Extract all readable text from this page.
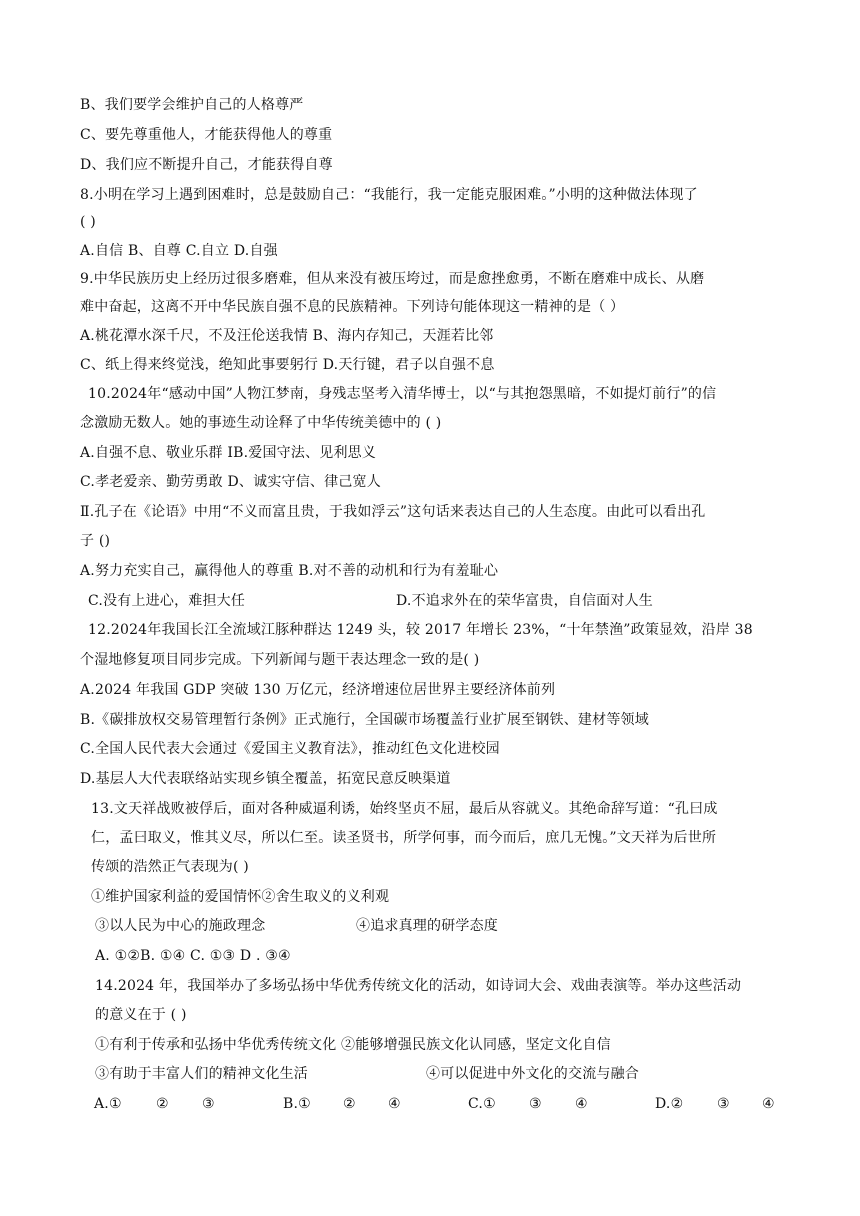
B、我们要学会维护自己的人格尊严
C、要先尊重他人，才能获得他人的尊重
D、我们应不断提升自己，才能获得自尊
8.小明在学习上遇到困难时，总是鼓励自己：“我能行，我一定能克服困难。”小明的这种做法体现了
( )
A.自信 B、自尊 C.自立 D.自强
9.中华民族历史上经历过很多磨难，但从来没有被压垮过，而是愈挫愈勇，不断在磨难中成长、从磨
难中奋起，这离不开中华民族自强不息的民族精神。下列诗句能体现这一精神的是（ ）
A.桃花潭水深千尺，不及汪伦送我情 B、海内存知己，天涯若比邻
C、纸上得来终觉浅，绝知此事要躬行 D.天行键，君子以自强不息
10.2024年“感动中国”人物江梦南，身残志坚考入清华博士，以“与其抱怨黑暗，不如提灯前行”的信
念激励无数人。她的事迹生动诠释了中华传统美德中的 ( )
A.自强不息、敬业乐群 IB.爱国守法、见利思义
C.孝老爱亲、勤劳勇敢 D、诚实守信、律己宽人
Ⅱ.孔子在《论语》中用“不义而富且贵，于我如浮云”这句话来表达自己的人生态度。由此可以看出孔
子 ()
A.努力充实自己，赢得他人的尊重 B.对不善的动机和行为有羞耻心
C.没有上进心，难担大任	D.不追求外在的荣华富贵，自信面对人生
12.2024年我国长江全流域江豚种群达 1249 头，较 2017 年增长 23%，“十年禁渔”政策显效，沿岸 38
个湿地修复项目同步完成。下列新闻与题干表达理念一致的是( )
A.2024 年我国 GDP 突破 130 万亿元，经济增速位居世界主要经济体前列
B.《碳排放权交易管理暂行条例》正式施行，全国碳市场覆盖行业扩展至钢铁、建材等领域
C.全国人民代表大会通过《爱国主义教育法》，推动红色文化进校园
D.基层人大代表联络站实现乡镇全覆盖，拓宽民意反映渠道
13.文天祥战败被俘后，面对各种威逼利诱，始终坚贞不屈，最后从容就义。其绝命辞写道：“孔曰成
仁，孟曰取义，惟其义尽，所以仁至。读圣贤书，所学何事，而今而后，庶几无愧。”文天祥为后世所
传颂的浩然正气表现为( )
①维护国家利益的爱国情怀②舍生取义的义利观
③以人民为中心的施政理念	④追求真理的研学态度
A. ①②B. ①④ C. ①③ D . ③④
14.2024 年，我国举办了多场弘扬中华优秀传统文化的活动，如诗词大会、戏曲表演等。举办这些活动
的意义在于 ( )
①有利于传承和弘扬中华优秀传统文化 ②能够增强民族文化认同感，坚定文化自信
③有助于丰富人们的精神文化生活	④可以促进中外文化的交流与融合
A.① ② ③	B.① ② ④	C.① ③ ④	D.② ③ ④
